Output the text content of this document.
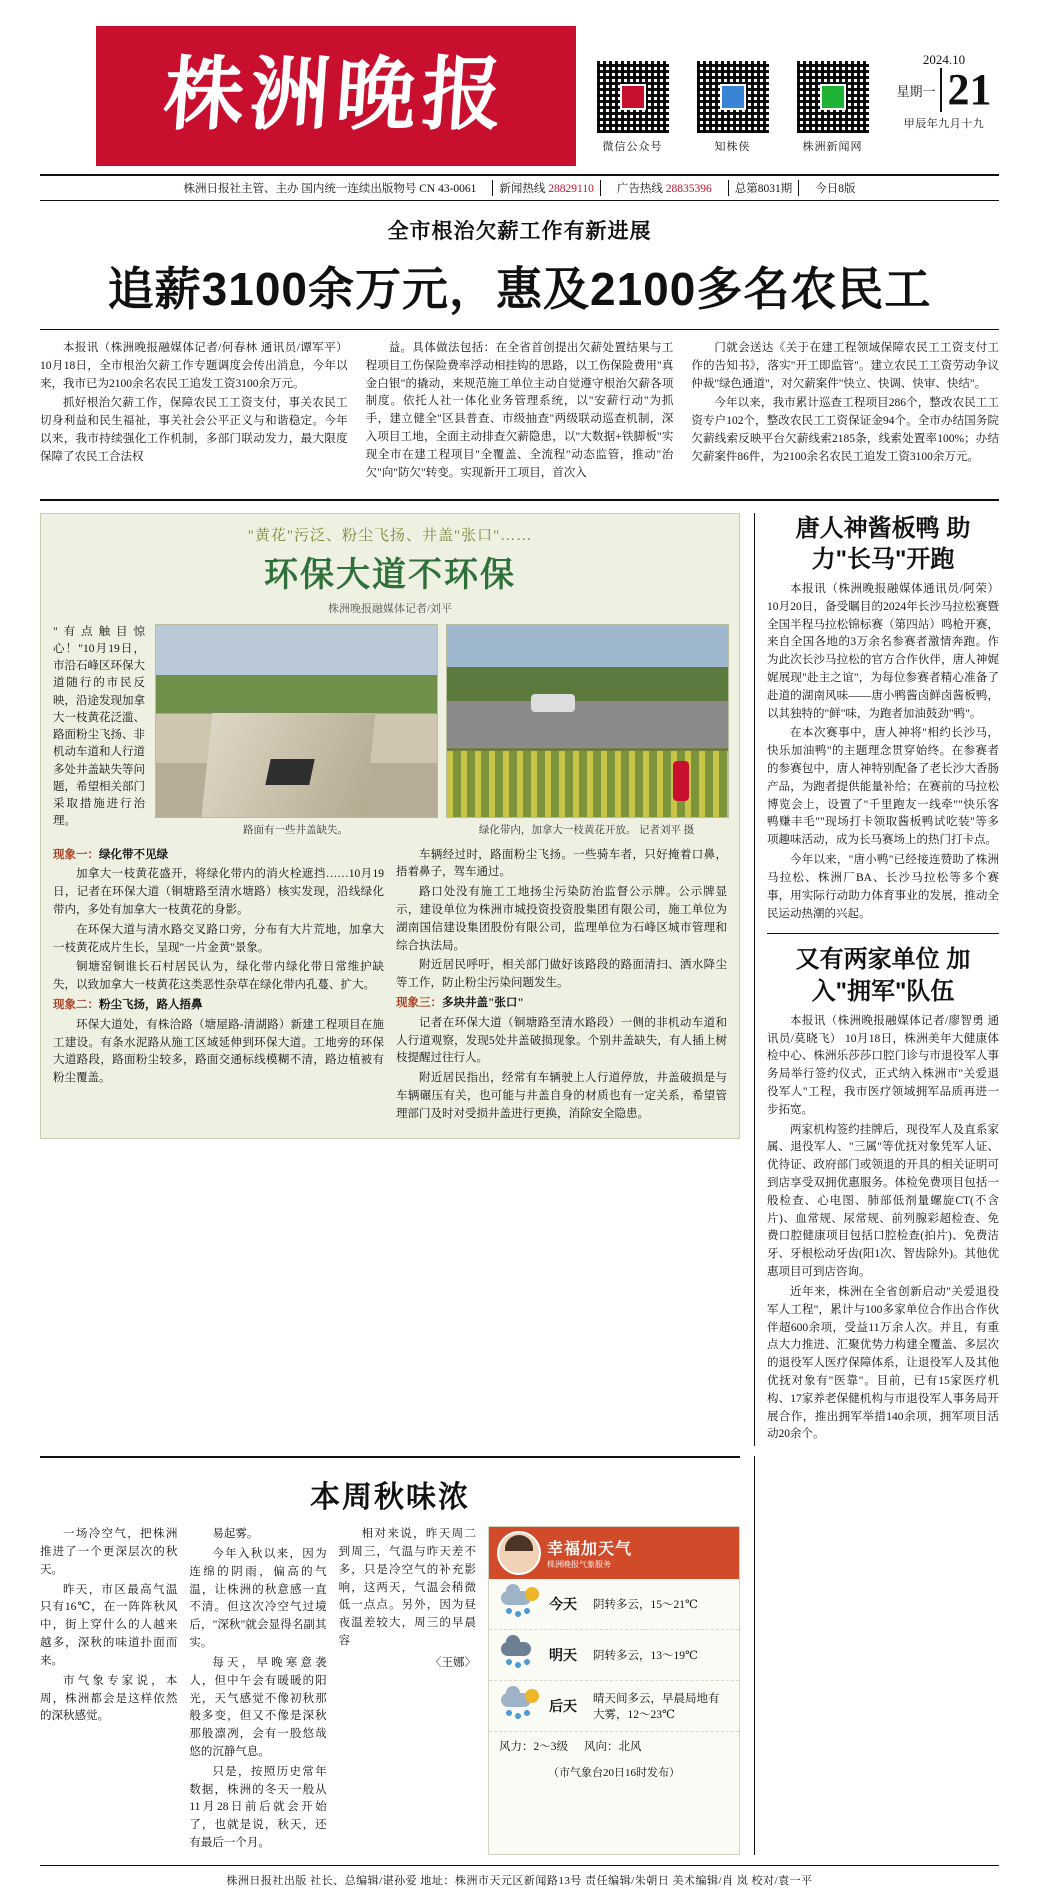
株洲晚报
微信公众号	知株侠	株洲新闻网
2024.10
星期一 21
甲辰年九月十九
株洲日报社主管、主办 国内统一连续出版物号 CN 43-0061	新闻热线 28829110	广告热线 28835396	总第8031期	今日8版
全市根治欠薪工作有新进展
追薪3100余万元，惠及2100多名农民工

本报讯（株洲晚报融媒体记者/何春林 通讯员/谭军平） 10月18日，全市根治欠薪工作专题调度会传出消息，今年以来，我市已为2100余名农民工追发工资3100余万元。

抓好根治欠薪工作，保障农民工工资支付，事关农民工切身利益和民生福祉，事关社会公平正义与和谐稳定。今年以来，我市持续强化工作机制，多部门联动发力，最大限度保障了农民工合法权

益。具体做法包括：在全省首创提出欠薪处置结果与工程项目工伤保险费率浮动相挂钩的思路，以工伤保险费用"真金白银"的撬动，来规范施工单位主动自觉遵守根治欠薪各项制度。依托人社一体化业务管理系统，以"安薪行动"为抓手，建立健全"区县普查、市级抽查"两级联动巡查机制，深入项目工地，全面主动排查欠薪隐患，以"大数据+铁脚板"实现全市在建工程项目"全覆盖、全流程"动态监管，推动"治欠"向"防欠"转变。实现新开工项目，首次入

门就会送达《关于在建工程领域保障农民工工资支付工作的告知书》，落实"开工即监管"。建立农民工工资劳动争议仲裁"绿色通道"，对欠薪案件"快立、快调、快审、快结"。

今年以来，我市累计巡查工程项目286个，整改农民工工资专户102个，整改农民工工资保证金94个。全市办结国务院欠薪线索反映平台欠薪线索2185条，线索处置率100%；办结欠薪案件86件，为2100余名农民工追发工资3100余万元。

"黄花"污泛、粉尘飞扬、井盖"张口"……
环保大道不环保
株洲晚报融媒体记者/刘平
"有点触目惊心！"10月19日，市沿石峰区环保大道随行的市民反映，沿途发现加拿大一枝黄花泛滥、路面粉尘飞扬、非机动车道和人行道多处井盖缺失等问题，希望相关部门采取措施进行治理。
路面有一些井盖缺失。	绿化带内，加拿大一枝黄花开放。 记者刘平 摄

现象一：绿化带不见绿

加拿大一枝黄花盛开，将绿化带内的消火栓遮挡……10月19日，记者在环保大道（铜塘路至清水塘路）核实发现，沿线绿化带内，多处有加拿大一枝黄花的身影。

在环保大道与清水路交叉路口旁，分布有大片荒地，加拿大一枝黄花成片生长，呈现"一片金黄"景象。

铜塘窑铜谁长石村居民认为，绿化带内绿化带日常维护缺失，以致加拿大一枝黄花这类恶性杂草在绿化带内孔蔓、扩大。

现象二：粉尘飞扬，路人捂鼻

环保大道处，有株洽路（塘屋路-清湖路）新建工程项目在施工建设。有条水泥路从施工区域延伸到环保大道。工地旁的环保大道路段，路面粉尘较多，路面交通标线模糊不清，路边植被有粉尘覆盖。

车辆经过时，路面粉尘飞扬。一些骑车者，只好掩着口鼻，捂着鼻子，驾车通过。

路口处没有施工工地扬尘污染防治监督公示牌。公示牌显示，建设单位为株洲市城投资投资股集团有限公司，施工单位为湖南国信建设集团股份有限公司，监理单位为石峰区城市管理和综合执法局。

附近居民呼吁，相关部门做好该路段的路面清扫、洒水降尘等工作，防止粉尘污染问题发生。

现象三：多块井盖"张口"

记者在环保大道（铜塘路至清水路段）一侧的非机动车道和人行道观察，发现5处井盖破损现象。个别井盖缺失，有人插上树枝提醒过往行人。

附近居民指出，经常有车辆驶上人行道停放，井盖破损是与车辆碾压有关，也可能与井盖自身的材质也有一定关系，希望管理部门及时对受损井盖进行更换，消除安全隐患。

唐人神酱板鸭 助力"长马"开跑

本报讯（株洲晚报融媒体通讯员/阿荣） 10月20日，备受瞩目的2024年长沙马拉松赛暨全国半程马拉松锦标赛（第四站）鸣枪开赛，来自全国各地的3万余名参赛者激情奔跑。作为此次长沙马拉松的官方合作伙伴，唐人神娓娓展现"赴主之谊"，为每位参赛者精心准备了赴道的湖南风味——唐小鸭酱卤鲜卤酱板鸭，以其独特的"鲜"味，为跑者加油鼓劲"鸭"。

在本次赛事中，唐人神将"相约长沙马，快乐加油鸭"的主题理念贯穿始终。在参赛者的参赛包中，唐人神特别配备了老长沙大香肠产品，为跑者提供能量补给；在赛前的马拉松博览会上，设置了"千里跑友一线牵""快乐客鸭赚丰毛""现场打卡领取酱板鸭试吃装"等多项趣味活动，成为长马赛场上的热门打卡点。

今年以来，"唐小鸭"已经接连赞助了株洲马拉松、株洲厂BA、长沙马拉松等多个赛事，用实际行动助力体育事业的发展，推动全民运动热潮的兴起。

又有两家单位 加入"拥军"队伍

本报讯（株洲晚报融媒体记者/廖智勇 通讯员/莫晓飞） 10月18日，株洲美年大健康体检中心、株洲乐莎莎口腔门诊与市退役军人事务局举行签约仪式，正式纳入株洲市"关爱退役军人"工程，我市医疗领域拥军品质再进一步拓宽。

两家机构签约挂牌后，现役军人及直系家属、退役军人、"三属"等优抚对象凭军人证、优待证、政府部门或领退的开具的相关证明可到店享受双拥优惠服务。体检免费项目包括一般检查、心电图、肺部低剂量螺旋CT(不含片)、血常规、尿常规、前列腺彩超检查、免费口腔健康项目包括口腔检查(拍片)、免费洁牙、牙根松动牙齿(阳1次、智齿除外)。其他优惠项目可到店咨询。

近年来，株洲在全省创新启动"关爱退役军人工程"，累计与100多家单位合作出合作伙伴超600余项，受益11万余人次。并且，有重点大力推进、汇聚优势力构建全覆盖、多层次的退役军人医疗保障体系，让退役军人及其他优抚对象有"医靠"。目前，已有15家医疗机构、17家养老保健机构与市退役军人事务局开展合作，推出拥军举措140余项，拥军项目活动20余个。

本周秋味浓

一场冷空气，把株洲推进了一个更深层次的秋天。

昨天，市区最高气温只有16℃，在一阵阵秋风中，街上穿什么的人越来越多，深秋的味道扑面而来。

市气象专家说，本周，株洲都会是这样依然的深秋感觉。

易起雾。

今年入秋以来，因为连绵的阴雨，偏高的气温，让株洲的秋意感一直不清。但这次冷空气过境后，"深秋"就会显得名副其实。

每天，早晚寒意袭人，但中午会有暖暖的阳光，天气感觉不像初秋那般多变，但又不像是深秋那般凛冽，会有一股悠哉悠的沉静气息。

只是，按照历史常年数据，株洲的冬天一般从11月28日前后就会开始了，也就是说，秋天，还有最后一个月。

相对来说，昨天周二到周三，气温与昨天差不多，只是冷空气的补充影响，这两天，气温会稍微低一点点。另外，因为昼夜温差较大，周三的早晨容

〈王娜〉
幸福加天气
株洲晚报气象服务
今天	阴转多云，15～21℃
明天	阴转多云，13～19℃
后天
晴天间多云，早晨局地有大雾，12～23℃
风力：2～3级 风向：北风
（市气象台20日16时发布）
株洲日报社出版 社长、总编辑/谌孙爱 地址：株洲市天元区新闻路13号 责任编辑/朱朝日 美术编辑/肖 岚 校对/袁一平
